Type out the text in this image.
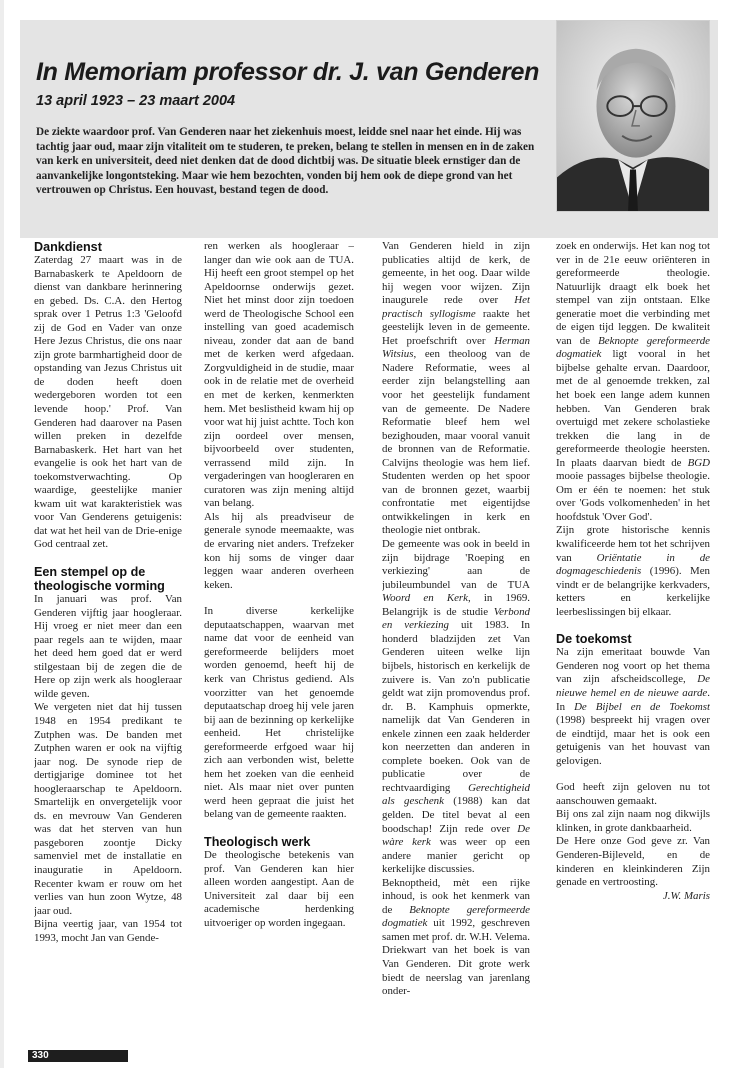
In Memoriam professor dr. J. van Genderen
13 april 1923 – 23 maart 2004

De ziekte waardoor prof. Van Genderen naar het ziekenhuis moest, leidde snel naar het einde. Hij was tachtig jaar oud, maar zijn vitaliteit om te studeren, te preken, belang te stellen in mensen en in de zaken van kerk en universiteit, deed niet denken dat de dood dichtbij was. De situatie bleek ernstiger dan de aanvankelijke longontsteking. Maar wie hem bezochten, vonden bij hem ook de diepe grond van het vertrouwen op Christus. Een houvast, bestand tegen de dood.

Dankdienst

Zaterdag 27 maart was in de Barnabaskerk te Apeldoorn de dienst van dankbare herinnering en gebed. Ds. C.A. den Hertog sprak over 1 Petrus 1:3 'Geloofd zij de God en Vader van onze Here Jezus Christus, die ons naar zijn grote barmhartigheid door de opstanding van Jezus Christus uit de doden heeft doen wedergeboren worden tot een levende hoop.' Prof. Van Genderen had daarover na Pasen willen preken in dezelfde Barnabaskerk. Het hart van het evangelie is ook het hart van de toekomstverwachting. Op waardige, geestelijke manier kwam uit wat karakteristiek was voor Van Genderens getuigenis: dat wat het heil van de Drie-enige God centraal zet.

Een stempel op de theologische vorming

In januari was prof. Van Genderen vijftig jaar hoogleraar. Hij vroeg er niet meer dan een paar regels aan te wijden, maar het deed hem goed dat er werd stilgestaan bij de zegen die de Here op zijn werk als hoogleraar wilde geven.

We vergeten niet dat hij tussen 1948 en 1954 predikant te Zutphen was. De banden met Zutphen waren er ook na vijftig jaar nog. De synode riep de dertigjarige dominee tot het hoogleraarschap te Apeldoorn. Smartelijk en onvergetelijk voor ds. en mevrouw Van Genderen was dat het sterven van hun pasgeboren zoontje Dicky samenviel met de installatie en inauguratie in Apeldoorn. Recenter kwam er rouw om het verlies van hun zoon Wytze, 48 jaar oud.

Bijna veertig jaar, van 1954 tot 1993, mocht Jan van Gende-

ren werken als hoogleraar – langer dan wie ook aan de TUA. Hij heeft een groot stempel op het Apeldoornse onderwijs gezet. Niet het minst door zijn toedoen werd de Theologische School een instelling van goed academisch niveau, zonder dat aan de band met de kerken werd afgedaan. Zorgvuldigheid in de studie, maar ook in de relatie met de overheid en met de kerken, kenmerkten hem. Met beslistheid kwam hij op voor wat hij juist achtte. Toch kon zijn oordeel over mensen, bijvoorbeeld over studenten, verrassend mild zijn. In vergaderingen van hoogleraren en curatoren was zijn mening altijd van belang.

Als hij als preadviseur de generale synode meemaakte, was de ervaring niet anders. Trefzeker kon hij soms de vinger daar leggen waar anderen overheen keken.

In diverse kerkelijke deputaatschappen, waarvan met name dat voor de eenheid van gereformeerde belijders moet worden genoemd, heeft hij de kerk van Christus gediend. Als voorzitter van het genoemde deputaatschap droeg hij vele jaren bij aan de bezinning op kerkelijke eenheid. Het christelijke gereformeerde erfgoed waar hij zich aan verbonden wist, belette hem het zoeken van die eenheid niet. Als maar niet over punten werd heen gepraat die juist het belang van de gemeente raakten.

Theologisch werk

De theologische betekenis van prof. Van Genderen kan hier alleen worden aangestipt. Aan de Universiteit zal daar bij een academische herdenking uitvoeriger op worden ingegaan.

Van Genderen hield in zijn publicaties altijd de kerk, de gemeente, in het oog. Daar wilde hij wegen voor wijzen. Zijn inaugurele rede over Het practisch syllogisme raakte het geestelijk leven in de gemeente. Het proefschrift over Herman Witsius, een theoloog van de Nadere Reformatie, wees al eerder zijn belangstelling aan voor het geestelijk fundament van de gemeente. De Nadere Reformatie bleef hem wel bezighouden, maar vooral vanuit de bronnen van de Reformatie. Calvijns theologie was hem lief. Studenten werden op het spoor van de bronnen gezet, waarbij confrontatie met eigentijdse ontwikkelingen in kerk en theologie niet ontbrak.

De gemeente was ook in beeld in zijn bijdrage 'Roeping en verkiezing' aan de jubileumbundel van de TUA Woord en Kerk, in 1969. Belangrijk is de studie Verbond en verkiezing uit 1983. In honderd bladzijden zet Van Genderen uiteen welke lijn bijbels, historisch en kerkelijk de zuivere is. Van zo'n publicatie geldt wat zijn promovendus prof. dr. B. Kamphuis opmerkte, namelijk dat Van Genderen in enkele zinnen een zaak helderder kon neerzetten dan anderen in complete boeken. Ook van de publicatie over de rechtvaardiging Gerechtigheid als geschenk (1988) kan dat gelden. De titel bevat al een boodschap! Zijn rede over De wàre kerk was weer op een andere manier gericht op kerkelijke discussies.

Beknoptheid, mèt een rijke inhoud, is ook het kenmerk van de Beknopte gereformeerde dogmatiek uit 1992, geschreven samen met prof. dr. W.H. Velema. Driekwart van het boek is van Van Genderen. Dit grote werk biedt de neerslag van jarenlang onder-

zoek en onderwijs. Het kan nog tot ver in de 21e eeuw oriënteren in gereformeerde theologie. Natuurlijk draagt elk boek het stempel van zijn ontstaan. Elke generatie moet die verbinding met de eigen tijd leggen. De kwaliteit van de Beknopte gereformeerde dogmatiek ligt vooral in het bijbelse gehalte ervan. Daardoor, met de al genoemde trekken, zal het boek een lange adem kunnen hebben. Van Genderen brak overtuigd met zekere scholastieke trekken die lang in de gereformeerde theologie heersten. In plaats daarvan biedt de BGD mooie passages bijbelse theologie. Om er één te noemen: het stuk over 'Gods volkomenheden' in het hoofdstuk 'Over God'.

Zijn grote historische kennis kwalificeerde hem tot het schrijven van Oriëntatie in de dogmageschiedenis (1996). Men vindt er de belangrijke kerkvaders, ketters en kerkelijke leerbeslissingen bij elkaar.

De toekomst

Na zijn emeritaat bouwde Van Genderen nog voort op het thema van zijn afscheidscollege, De nieuwe hemel en de nieuwe aarde. In De Bijbel en de Toekomst (1998) bespreekt hij vragen over de eindtijd, maar het is ook een getuigenis van het houvast van gelovigen.

God heeft zijn geloven nu tot aanschouwen gemaakt.

Bij ons zal zijn naam nog dikwijls klinken, in grote dankbaarheid.

De Here onze God geve zr. Van Genderen-Bijleveld, en de kinderen en kleinkinderen Zijn genade en vertroosting.

J.W. Maris

330
